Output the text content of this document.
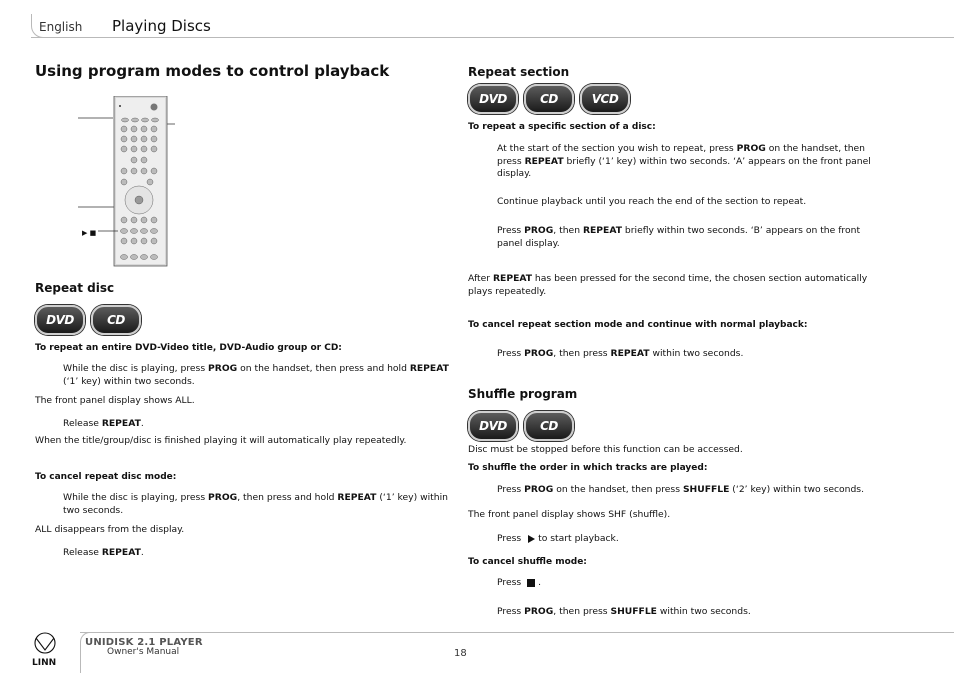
English Playing Discs
Using program modes to control playback
▶ ■
Repeat disc
DVD	CD
To repeat an entire DVD-Video title, DVD-Audio group or CD:
While the disc is playing, press PROG on the handset, then press and hold REPEAT
(‘1’ key) within two seconds.
The front panel display shows ALL.
Release REPEAT.
When the title/group/disc is finished playing it will automatically play repeatedly.
To cancel repeat disc mode:
While the disc is playing, press PROG, then press and hold REPEAT (‘1’ key) within
two seconds.
ALL disappears from the display.
Release REPEAT.
Repeat section
DVD	CD	VCD
To repeat a specific section of a disc:
At the start of the section you wish to repeat, press PROG on the handset, then
press REPEAT briefly (‘1’ key) within two seconds. ‘A’ appears on the front panel
display.
Continue playback until you reach the end of the section to repeat.
Press PROG, then REPEAT briefly within two seconds. ‘B’ appears on the front
panel display.
After REPEAT has been pressed for the second time, the chosen section automatically
plays repeatedly.
To cancel repeat section mode and continue with normal playback:
Press PROG, then press REPEAT within two seconds.
Shuffle program
DVD	CD
Disc must be stopped before this function can be accessed.
To shuffle the order in which tracks are played:
Press PROG on the handset, then press SHUFFLE (‘2’ key) within two seconds.
The front panel display shows SHF (shuffle).
Press to start playback.
To cancel shuffle mode:
Press .
Press PROG, then press SHUFFLE within two seconds.
LINN
UNIDISK 2.1 PLAYER
Owner's Manual	18
